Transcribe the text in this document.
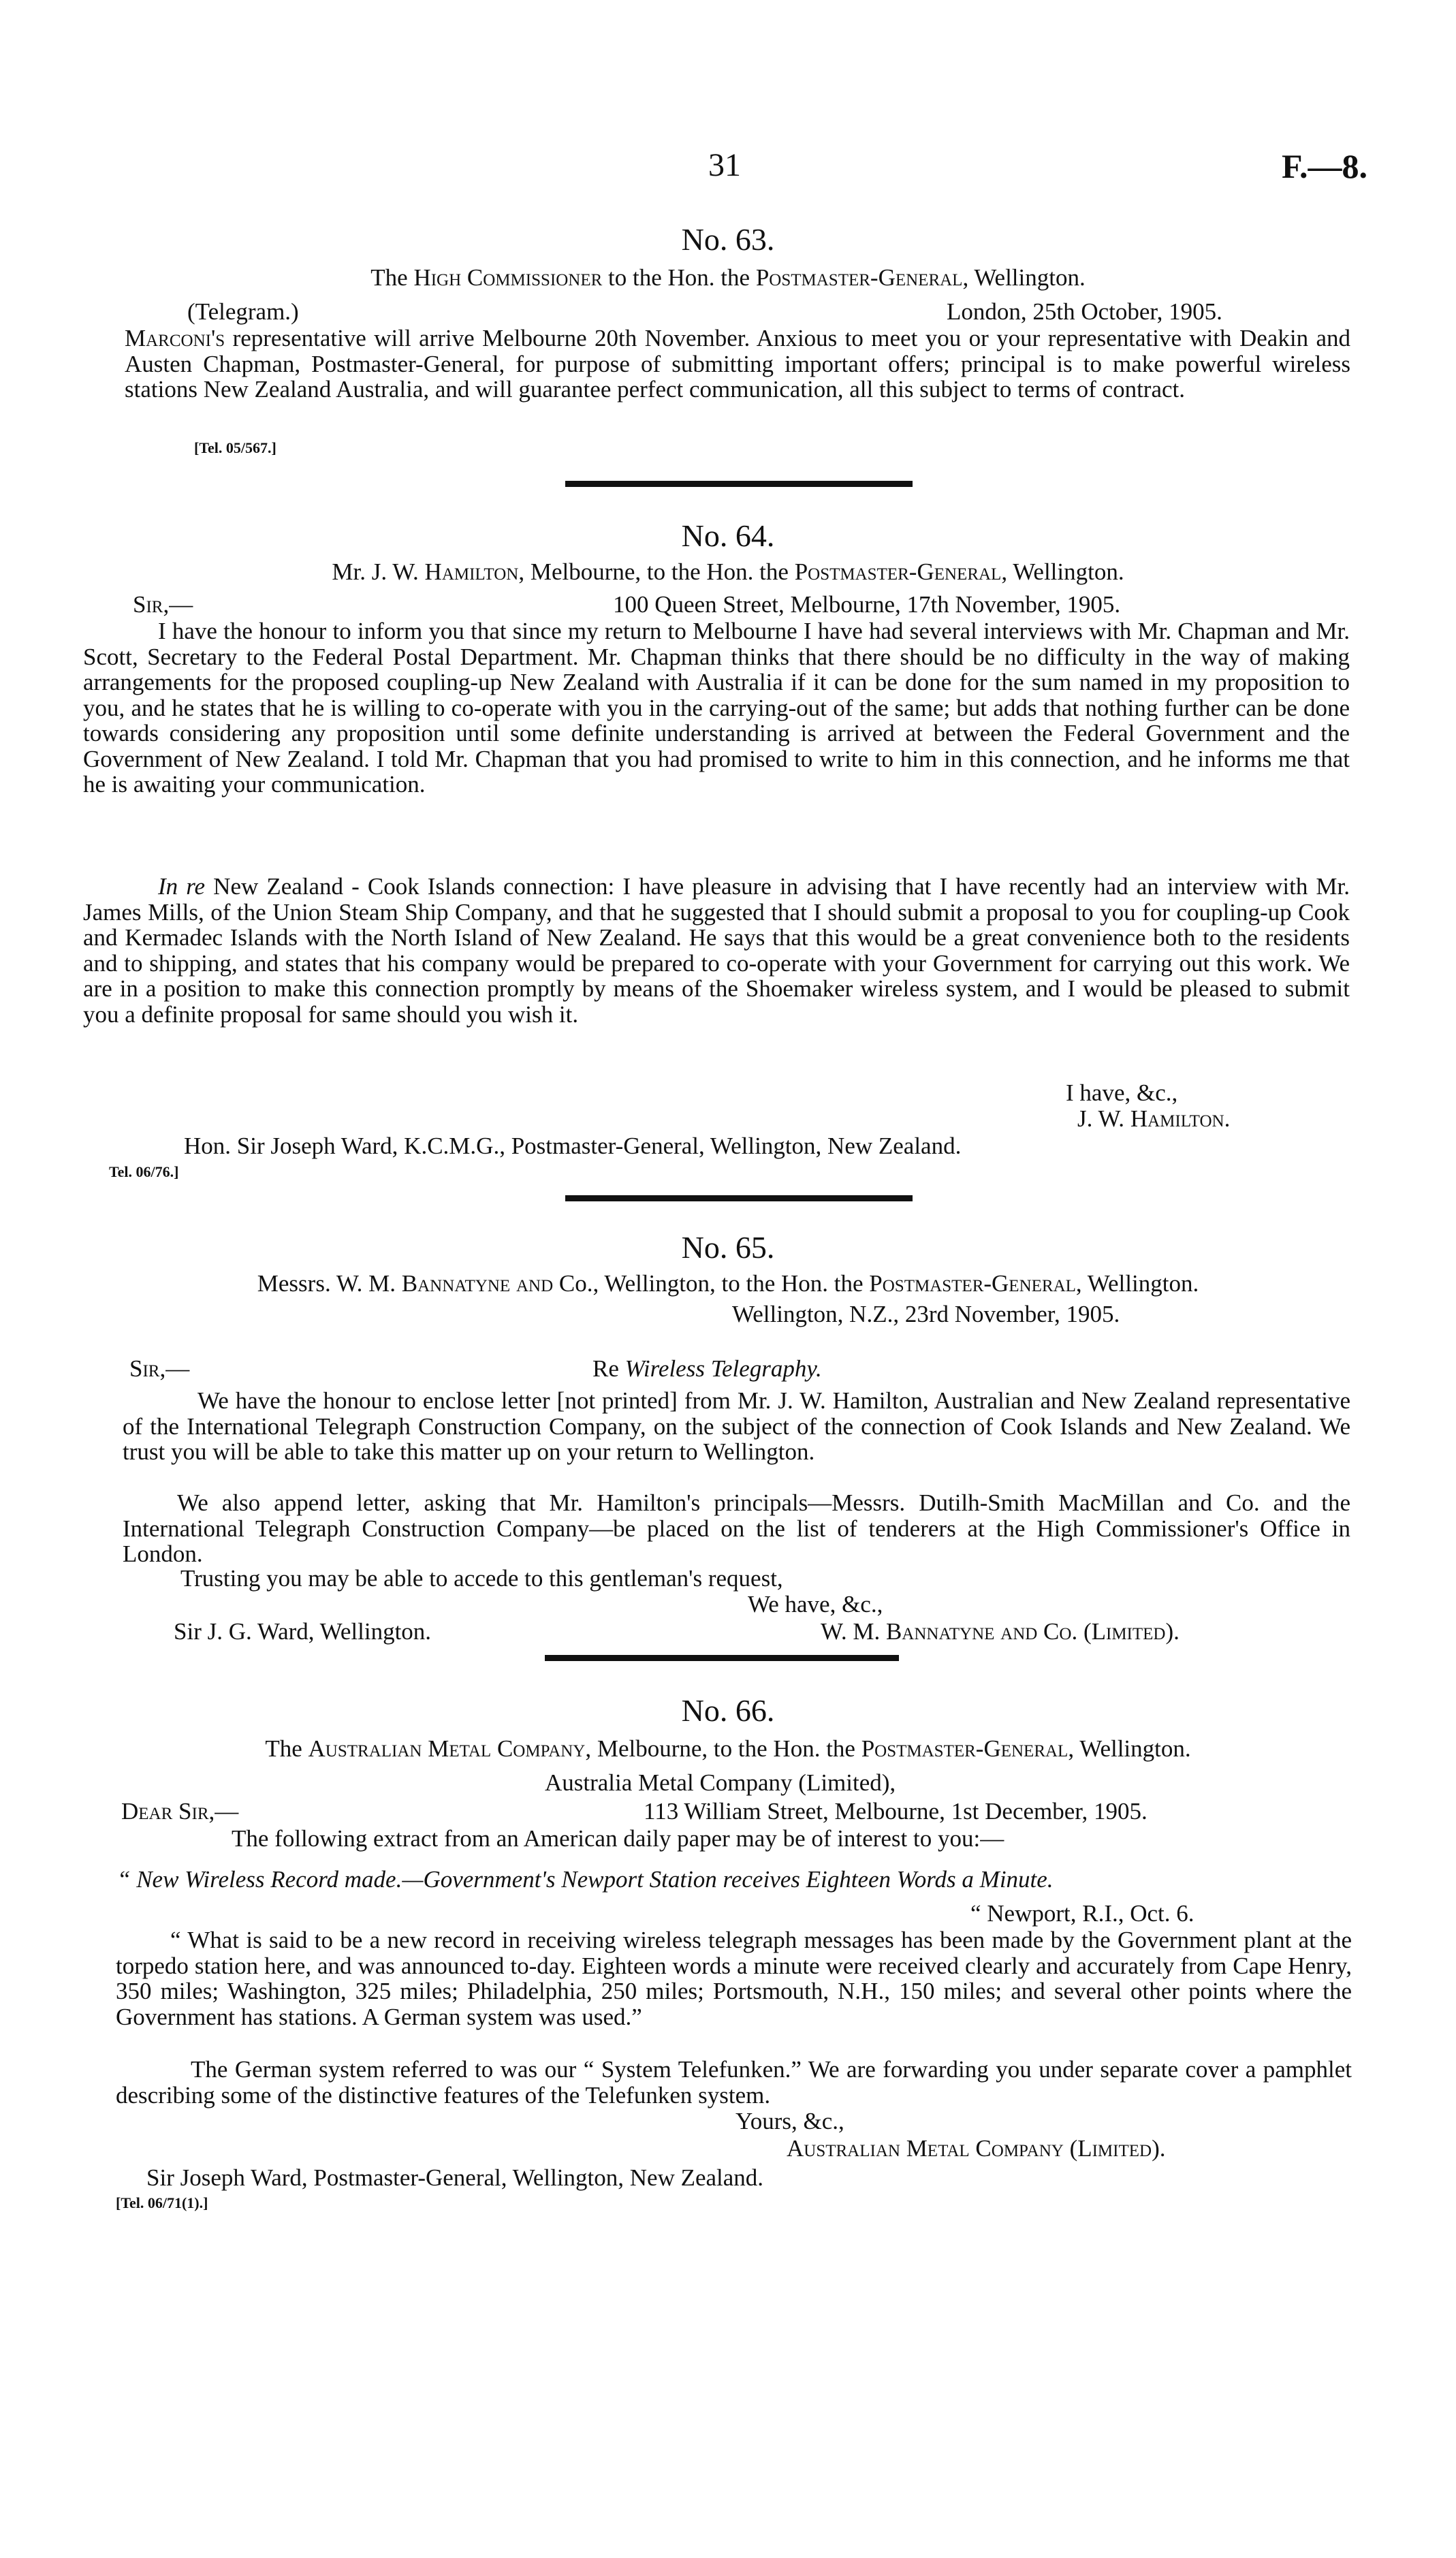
31	F.—8.
No. 63.
The High Commissioner to the Hon. the Postmaster-General, Wellington.
(Telegram.)	London, 25th October, 1905.
Marconi's representative will arrive Melbourne 20th November. Anxious to meet you or your representative with Deakin and Austen Chapman, Postmaster-General, for purpose of submitting important offers; principal is to make powerful wireless stations New Zealand Australia, and will guarantee perfect communication, all this subject to terms of contract.
[Tel. 05/567.]
No. 64.
Mr. J. W. Hamilton, Melbourne, to the Hon. the Postmaster-General, Wellington.
Sir,—	100 Queen Street, Melbourne, 17th November, 1905.
I have the honour to inform you that since my return to Melbourne I have had several interviews with Mr. Chapman and Mr. Scott, Secretary to the Federal Postal Department. Mr. Chapman thinks that there should be no difficulty in the way of making arrangements for the proposed coupling-up New Zealand with Australia if it can be done for the sum named in my proposition to you, and he states that he is willing to co-operate with you in the carrying-out of the same; but adds that nothing further can be done towards considering any proposition until some definite understanding is arrived at between the Federal Government and the Government of New Zealand. I told Mr. Chapman that you had promised to write to him in this connection, and he informs me that he is awaiting your communication.
In re New Zealand - Cook Islands connection: I have pleasure in advising that I have recently had an interview with Mr. James Mills, of the Union Steam Ship Company, and that he suggested that I should submit a proposal to you for coupling-up Cook and Kermadec Islands with the North Island of New Zealand. He says that this would be a great convenience both to the residents and to shipping, and states that his company would be prepared to co-operate with your Government for carrying out this work. We are in a position to make this connection promptly by means of the Shoemaker wireless system, and I would be pleased to submit you a definite proposal for same should you wish it.
I have, &c.,
J. W. Hamilton.
Hon. Sir Joseph Ward, K.C.M.G., Postmaster-General, Wellington, New Zealand.
Tel. 06/76.]
No. 65.
Messrs. W. M. Bannatyne and Co., Wellington, to the Hon. the Postmaster-General, Wellington.
Wellington, N.Z., 23rd November, 1905.
Sir,—	Re Wireless Telegraphy.
We have the honour to enclose letter [not printed] from Mr. J. W. Hamilton, Australian and New Zealand representative of the International Telegraph Construction Company, on the subject of the connection of Cook Islands and New Zealand. We trust you will be able to take this matter up on your return to Wellington.
We also append letter, asking that Mr. Hamilton's principals—Messrs. Dutilh-Smith MacMillan and Co. and the International Telegraph Construction Company—be placed on the list of tenderers at the High Commissioner's Office in London.
Trusting you may be able to accede to this gentleman's request,
We have, &c.,
Sir J. G. Ward, Wellington.	W. M. Bannatyne and Co. (Limited).
No. 66.
The Australian Metal Company, Melbourne, to the Hon. the Postmaster-General, Wellington.
Australia Metal Company (Limited),
Dear Sir,—	113 William Street, Melbourne, 1st December, 1905.
The following extract from an American daily paper may be of interest to you:—
“ New Wireless Record made.—Government's Newport Station receives Eighteen Words a Minute.
“ Newport, R.I., Oct. 6.
“ What is said to be a new record in receiving wireless telegraph messages has been made by the Government plant at the torpedo station here, and was announced to-day. Eighteen words a minute were received clearly and accurately from Cape Henry, 350 miles; Washington, 325 miles; Philadelphia, 250 miles; Portsmouth, N.H., 150 miles; and several other points where the Government has stations. A German system was used.”
The German system referred to was our “ System Telefunken.” We are forwarding you under separate cover a pamphlet describing some of the distinctive features of the Telefunken system.
Yours, &c.,
Australian Metal Company (Limited).
Sir Joseph Ward, Postmaster-General, Wellington, New Zealand.
[Tel. 06/71(1).]
